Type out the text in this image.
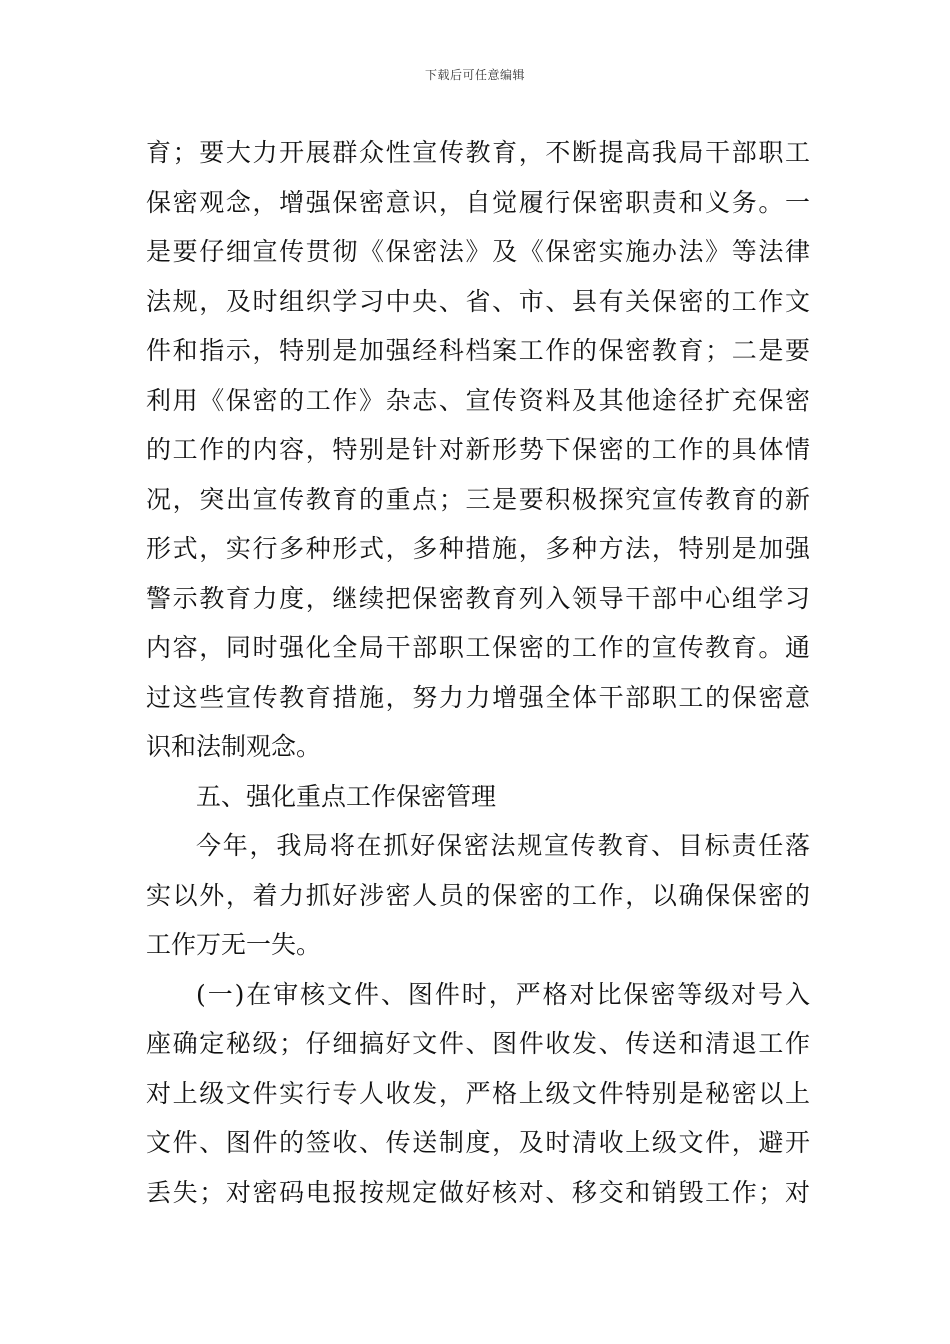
下载后可任意编辑
育；要大力开展群众性宣传教育，不断提高我局干部职工
保密观念，增强保密意识，自觉履行保密职责和义务。一
是要仔细宣传贯彻《保密法》及《保密实施办法》等法律
法规，及时组织学习中央、省、市、县有关保密的工作文
件和指示，特别是加强经科档案工作的保密教育；二是要
利用《保密的工作》杂志、宣传资料及其他途径扩充保密
的工作的内容，特别是针对新形势下保密的工作的具体情
况，突出宣传教育的重点；三是要积极探究宣传教育的新
形式，实行多种形式，多种措施，多种方法，特别是加强
警示教育力度，继续把保密教育列入领导干部中心组学习
内容，同时强化全局干部职工保密的工作的宣传教育。通
过这些宣传教育措施，努力力增强全体干部职工的保密意
识和法制观念。
五、强化重点工作保密管理
今年，我局将在抓好保密法规宣传教育、目标责任落
实以外，着力抓好涉密人员的保密的工作，以确保保密的
工作万无一失。
(一)在审核文件、图件时，严格对比保密等级对号入
座确定秘级；仔细搞好文件、图件收发、传送和清退工作
对上级文件实行专人收发，严格上级文件特别是秘密以上
文件、图件的签收、传送制度，及时清收上级文件，避开
丢失；对密码电报按规定做好核对、移交和销毁工作；对
